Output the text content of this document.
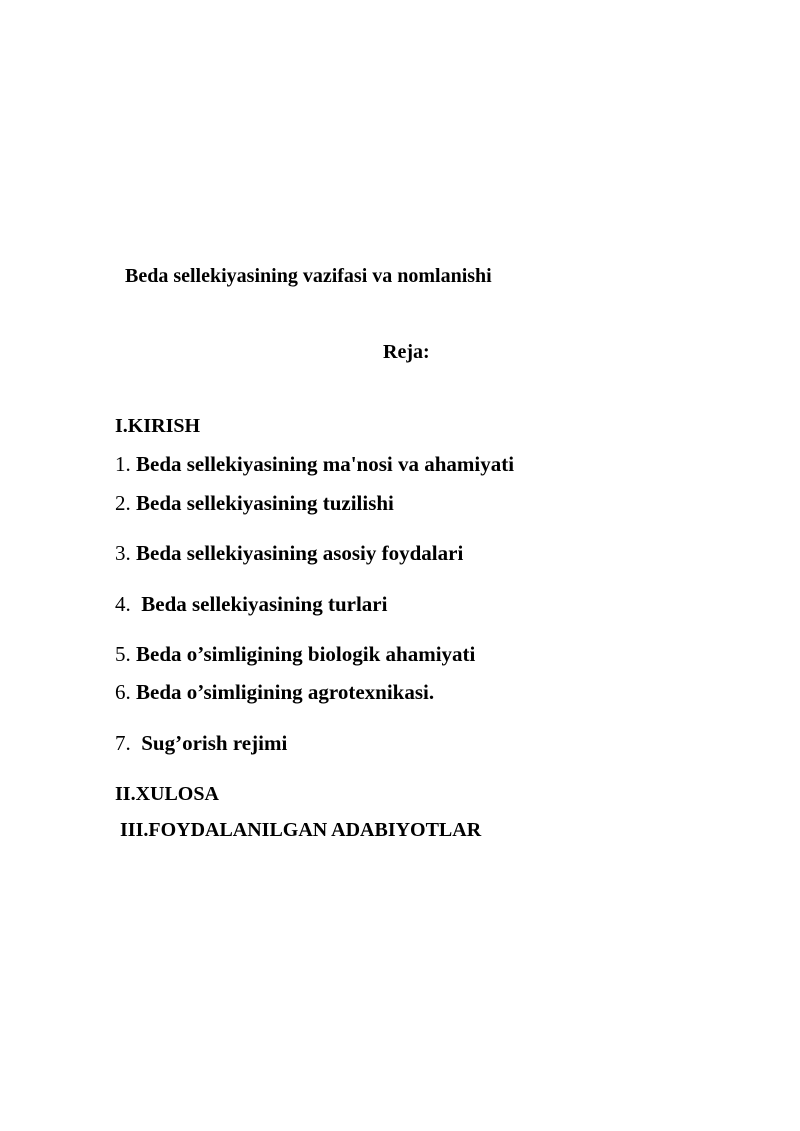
Beda sellekiyasining vazifasi va nomlanishi

Reja:

I.KIRISH

1. Beda sellekiyasining ma'nosi va ahamiyati

2. Beda sellekiyasining tuzilishi

3. Beda sellekiyasining asosiy foydalari

4.  Beda sellekiyasining turlari

5. Beda o’simligining biologik ahamiyati

6. Beda o’simligining agrotexnikasi.

7.  Sug’orish rejimi

II.XULOSA

III.FOYDALANILGAN ADABIYOTLAR
